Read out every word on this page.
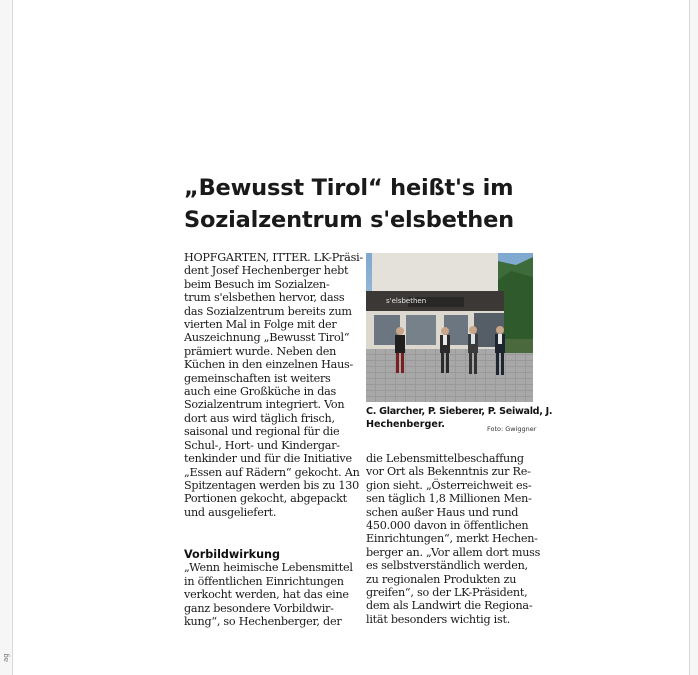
„Bewusst Tirol“ heißt's im
Sozialzentrum s'elsbethen
HOPFGARTEN, ITTER. LK-Präsi-
dent Josef Hechenberger hebt
beim Besuch im Sozialzen-
trum s'elsbethen hervor, dass
das Sozialzentrum bereits zum
vierten Mal in Folge mit der
Auszeichnung „Bewusst Tirol“
prämiert wurde. Neben den
Küchen in den einzelnen Haus-
gemeinschaften ist weiters
auch eine Großküche in das
Sozialzentrum integriert. Von
dort aus wird täglich frisch,
saisonal und regional für die
Schul-, Hort- und Kindergar-
tenkinder und für die Initiative
„Essen auf Rädern“ gekocht. An
Spitzentagen werden bis zu 130
Portionen gekocht, abgepackt
und ausgeliefert.
Vorbildwirkung
„Wenn heimische Lebensmittel
in öffentlichen Einrichtungen
verkocht werden, hat das eine
ganz besondere Vorbildwir-
kung“, so Hechenberger, der
s'elsbethen
C. Glarcher, P. Sieberer, P. Seiwald, J.
Hechenberger.	Foto: Gwiggner
die Lebensmittelbeschaffung
vor Ort als Bekenntnis zur Re-
gion sieht. „Österreichweit es-
sen täglich 1,8 Millionen Men-
schen außer Haus und rund
450.000 davon in öffentlichen
Einrichtungen“, merkt Hechen-
berger an. „Vor allem dort muss
es selbstverständlich werden,
zu regionalen Produkten zu
greifen“, so der LK-Präsident,
dem als Landwirt die Regiona-
lität besonders wichtig ist.
ag
